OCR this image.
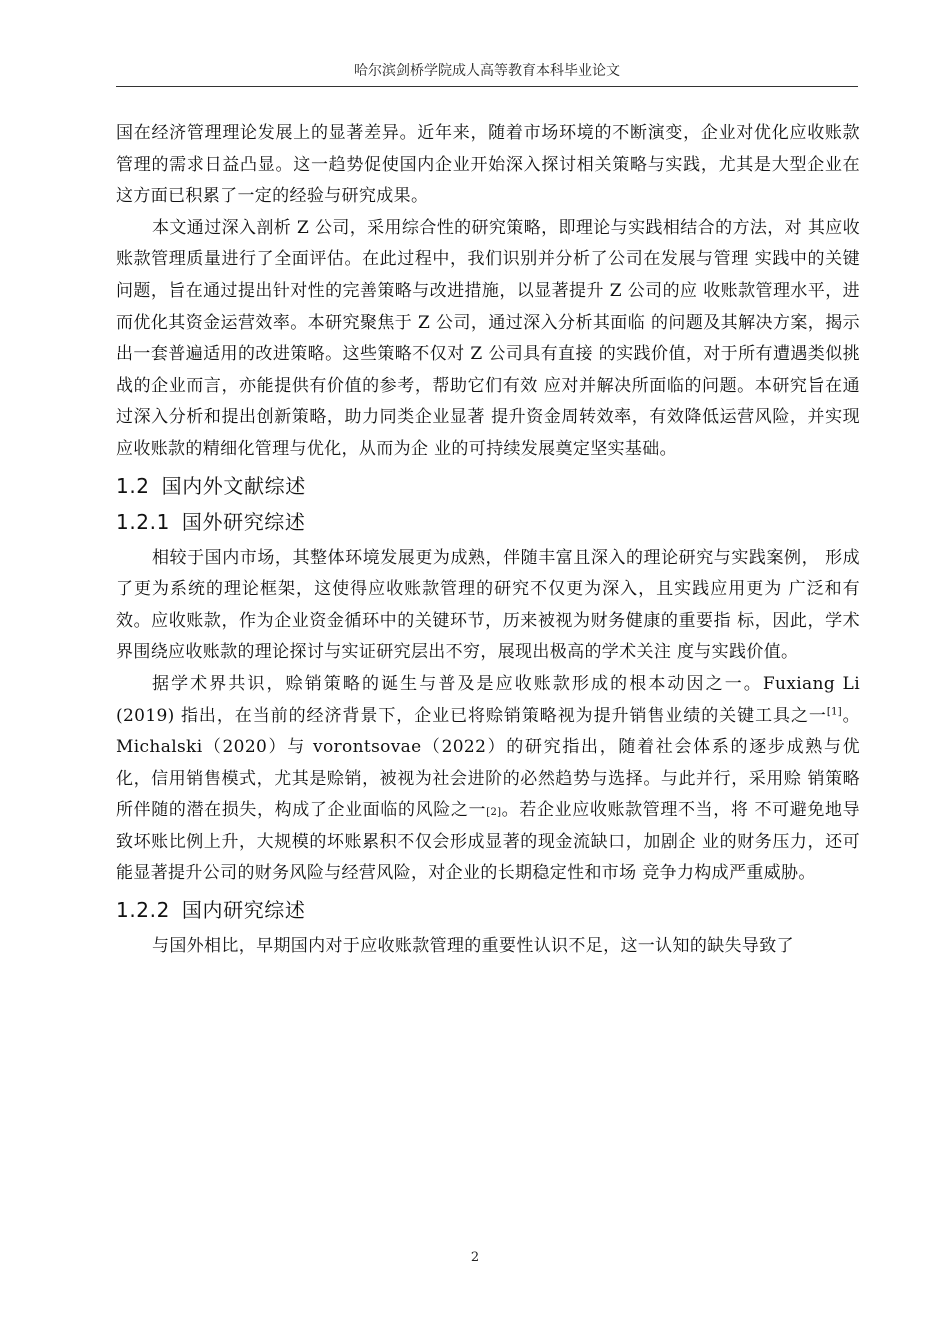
哈尔滨剑桥学院成人高等教育本科毕业论文

国在经济管理理论发展上的显著差异。近年来，随着市场环境的不断演变，企业对优化应收账款管理的需求日益凸显。这一趋势促使国内企业开始深入探讨相关策略与实践，尤其是大型企业在这方面已积累了一定的经验与研究成果。

本文通过深入剖析 Z 公司，采用综合性的研究策略，即理论与实践相结合的方法，对 其应收账款管理质量进行了全面评估。在此过程中，我们识别并分析了公司在发展与管理 实践中的关键问题，旨在通过提出针对性的完善策略与改进措施，以显著提升 Z 公司的应 收账款管理水平，进而优化其资金运营效率。本研究聚焦于 Z 公司，通过深入分析其面临 的问题及其解决方案，揭示出一套普遍适用的改进策略。这些策略不仅对 Z 公司具有直接 的实践价值，对于所有遭遇类似挑战的企业而言，亦能提供有价值的参考，帮助它们有效 应对并解决所面临的问题。本研究旨在通过深入分析和提出创新策略，助力同类企业显著 提升资金周转效率，有效降低运营风险，并实现应收账款的精细化管理与优化，从而为企 业的可持续发展奠定坚实基础。

1.2 国内外文献综述
1.2.1 国外研究综述

相较于国内市场，其整体环境发展更为成熟，伴随丰富且深入的理论研究与实践案例， 形成了更为系统的理论框架，这使得应收账款管理的研究不仅更为深入，且实践应用更为 广泛和有效。应收账款，作为企业资金循环中的关键环节，历来被视为财务健康的重要指 标，因此，学术界围绕应收账款的理论探讨与实证研究层出不穷，展现出极高的学术关注 度与实践价值。

据学术界共识，赊销策略的诞生与普及是应收账款形成的根本动因之一。Fuxiang Li (2019) 指出，在当前的经济背景下，企业已将赊销策略视为提升销售业绩的关键工具之一[1]。Michalski（2020）与 vorontsovae（2022）的研究指出，随着社会体系的逐步成熟与优 化，信用销售模式，尤其是赊销，被视为社会进阶的必然趋势与选择。与此并行，采用赊 销策略所伴随的潜在损失，构成了企业面临的风险之一[2]。若企业应收账款管理不当，将 不可避免地导致坏账比例上升，大规模的坏账累积不仅会形成显著的现金流缺口，加剧企 业的财务压力，还可能显著提升公司的财务风险与经营风险，对企业的长期稳定性和市场 竞争力构成严重威胁。

1.2.2 国内研究综述

与国外相比，早期国内对于应收账款管理的重要性认识不足，这一认知的缺失导致了

2
